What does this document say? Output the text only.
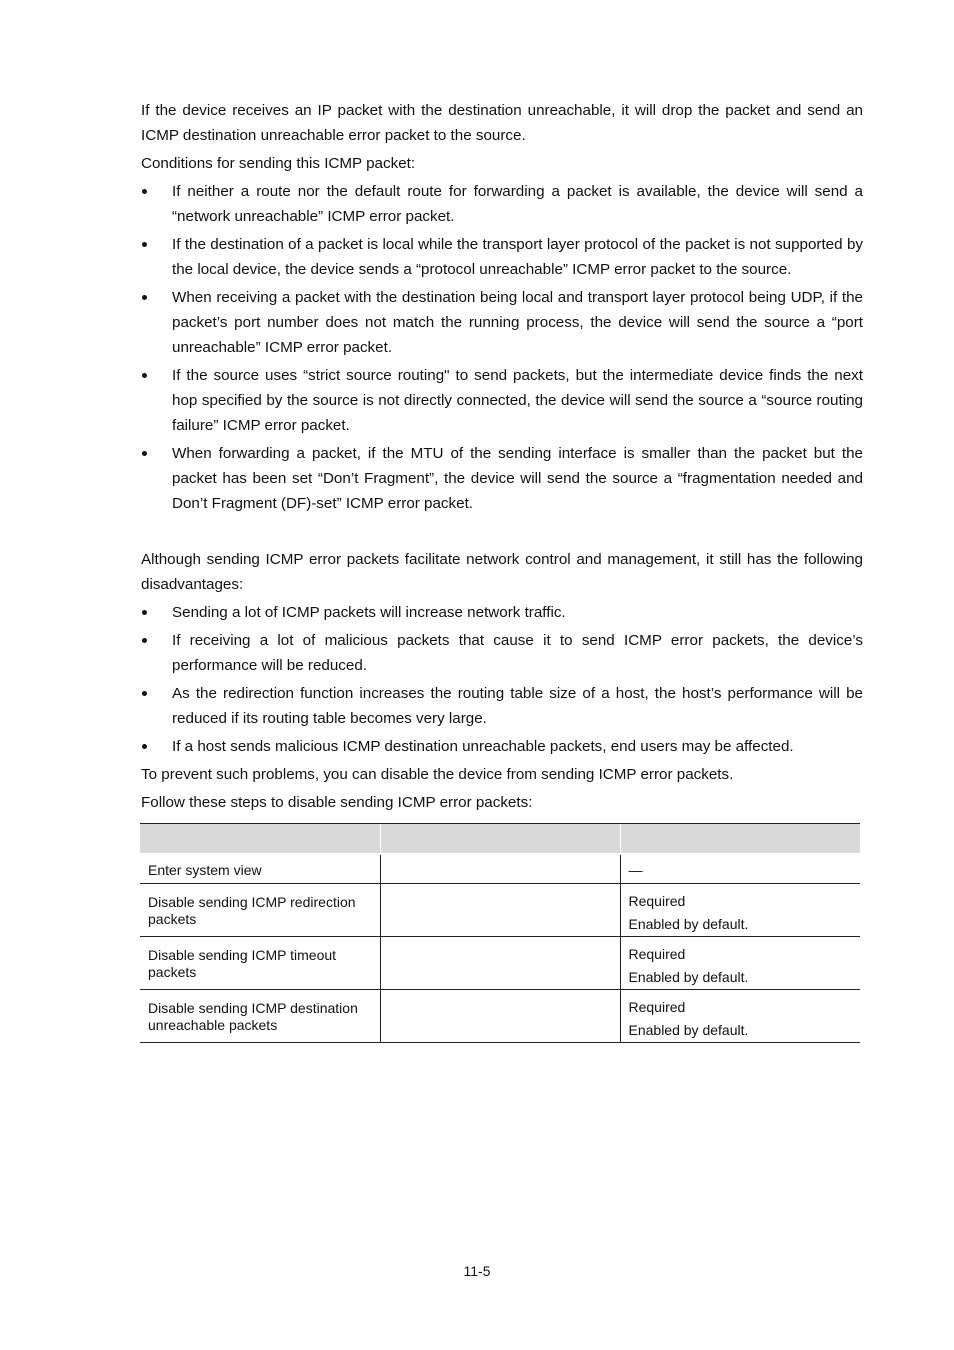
If the device receives an IP packet with the destination unreachable, it will drop the packet and send an ICMP destination unreachable error packet to the source.

Conditions for sending this ICMP packet:

If neither a route nor the default route for forwarding a packet is available, the device will send a “network unreachable” ICMP error packet.
If the destination of a packet is local while the transport layer protocol of the packet is not supported by the local device, the device sends a “protocol unreachable” ICMP error packet to the source.
When receiving a packet with the destination being local and transport layer protocol being UDP, if the packet’s port number does not match the running process, the device will send the source a “port unreachable” ICMP error packet.
If the source uses “strict source routing" to send packets, but the intermediate device finds the next hop specified by the source is not directly connected, the device will send the source a “source routing failure” ICMP error packet.
When forwarding a packet, if the MTU of the sending interface is smaller than the packet but the packet has been set “Don’t Fragment”, the device will send the source a “fragmentation needed and Don’t Fragment (DF)-set” ICMP error packet.

Although sending ICMP error packets facilitate network control and management, it still has the following disadvantages:

Sending a lot of ICMP packets will increase network traffic.
If receiving a lot of malicious packets that cause it to send ICMP error packets, the device’s performance will be reduced.
As the redirection function increases the routing table size of a host, the host’s performance will be reduced if its routing table becomes very large.
If a host sends malicious ICMP destination unreachable packets, end users may be affected.

To prevent such problems, you can disable the device from sending ICMP error packets.

Follow these steps to disable sending ICMP error packets:

Enter system view		—
Disable sending ICMP redirection packets		Required
Enabled by default.

Disable sending ICMP timeout packets		Required
Enabled by default.

Disable sending ICMP destination unreachable packets		Required
Enabled by default.
11-5
